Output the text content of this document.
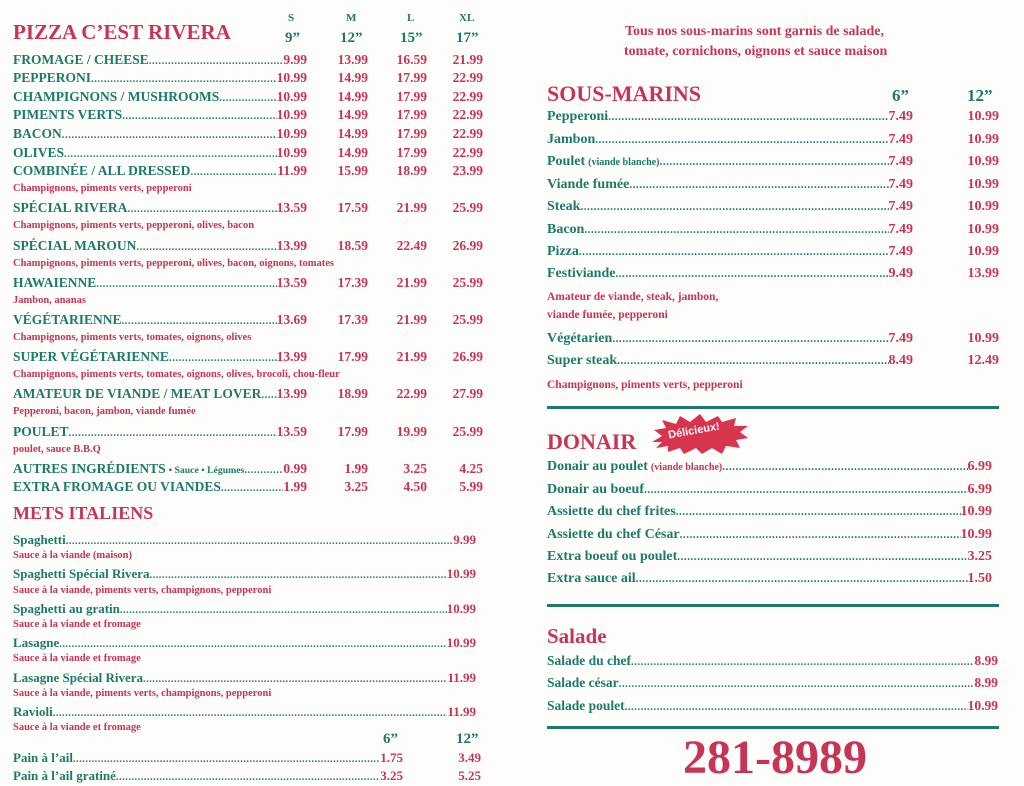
PIZZA C’EST RIVERA
S	M	L	XL
9”	12”	15” 17”
METS ITALIENS
6”	12”
Tous nos sous-marins sont garnis de salade,
tomate, cornichons, oignons et sauce maison
SOUS-MARINS	6”	12”
DONAIR	Délicieux!
Salade
281-8989
FROMAGE / CHEESE .....	9.99	13.99	16.59	21.99
PEPPERONI .....	10.99	14.99	17.99	22.99
CHAMPIGNONS / MUSHROOMS .....	10.99	14.99	17.99	22.99
PIMENTS VERTS .....	10.99	14.99	17.99	22.99
BACON .....	10.99	14.99	17.99	22.99
OLIVES .....	10.99	14.99	17.99	22.99
COMBINÉE / ALL DRESSED .....	11.99	15.99	18.99	23.99
Champignons, piments verts, pepperoni
SPÉCIAL RIVERA .....	13.59	17.59	21.99	25.99
Champignons, piments verts, pepperoni, olives, bacon
SPÉCIAL MAROUN .....	13.99	18.59	22.49	26.99
Champignons, piments verts, pepperoni, olives, bacon, oignons, tomates
HAWAIENNE .....	13.59	17.39	21.99	25.99
Jambon, ananas
VÉGÉTARIENNE .....	13.69	17.39	21.99	25.99
Champignons, piments verts, tomates, oignons, olives
SUPER VÉGÉTARIENNE .....	13.99	17.99	21.99	26.99
Champignons, piments verts, tomates, oignons, olives, brocoli, chou-fleur
AMATEUR DE VIANDE / MEAT LOVER ..... 13.99	18.99	22.99	27.99
Pepperoni, bacon, jambon, viande fumée
POULET .....	13.59	17.99	19.99	25.99
poulet, sauce B.B.Q
AUTRES INGRÉDIENTS • Sauce • Légumes .....	0.99	1.99	3.25	4.25
EXTRA FROMAGE OU VIANDES .....	1.99	3.25	4.50	5.99
Spaghetti .....	9.99
Sauce à la viande (maison)
Spaghetti Spécial Rivera .....	10.99
Sauce à la viande, piments verts, champignons, pepperoni
Spaghetti au gratin .....	10.99
Sauce à la viande et fromage
Lasagne .....	10.99
Sauce à la viande et fromage
Lasagne Spécial Rivera .....	11.99
Sauce à la viande, piments verts, champignons, pepperoni
Ravioli .....	11.99
Sauce à la viande et fromage
Pain à l’ail .....	1.75	3.49
Pain à l’ail gratiné .....	3.25	5.25
Pepperoni .....	7.49	10.99
Jambon .....	7.49	10.99
Poulet (viande blanche) .....	7.49	10.99
Viande fumée .....	7.49	10.99
Steak .....	7.49	10.99
Bacon .....	7.49	10.99
Pizza .....	7.49	10.99
Festiviande .....	9.49	13.99
Amateur de viande, steak, jambon,
viande fumée, pepperoni
Végétarien .....	7.49	10.99
Super steak .....	8.49	12.49
Champignons, piments verts, pepperoni
Donair au poulet (viande blanche) .....	6.99
Donair au boeuf .....	6.99
Assiette du chef frites .....	10.99
Assiette du chef César .....	10.99
Extra boeuf ou poulet .....	3.25
Extra sauce ail .....	1.50
Salade du chef .....	8.99
Salade césar .....	8.99
Salade poulet .....	10.99
